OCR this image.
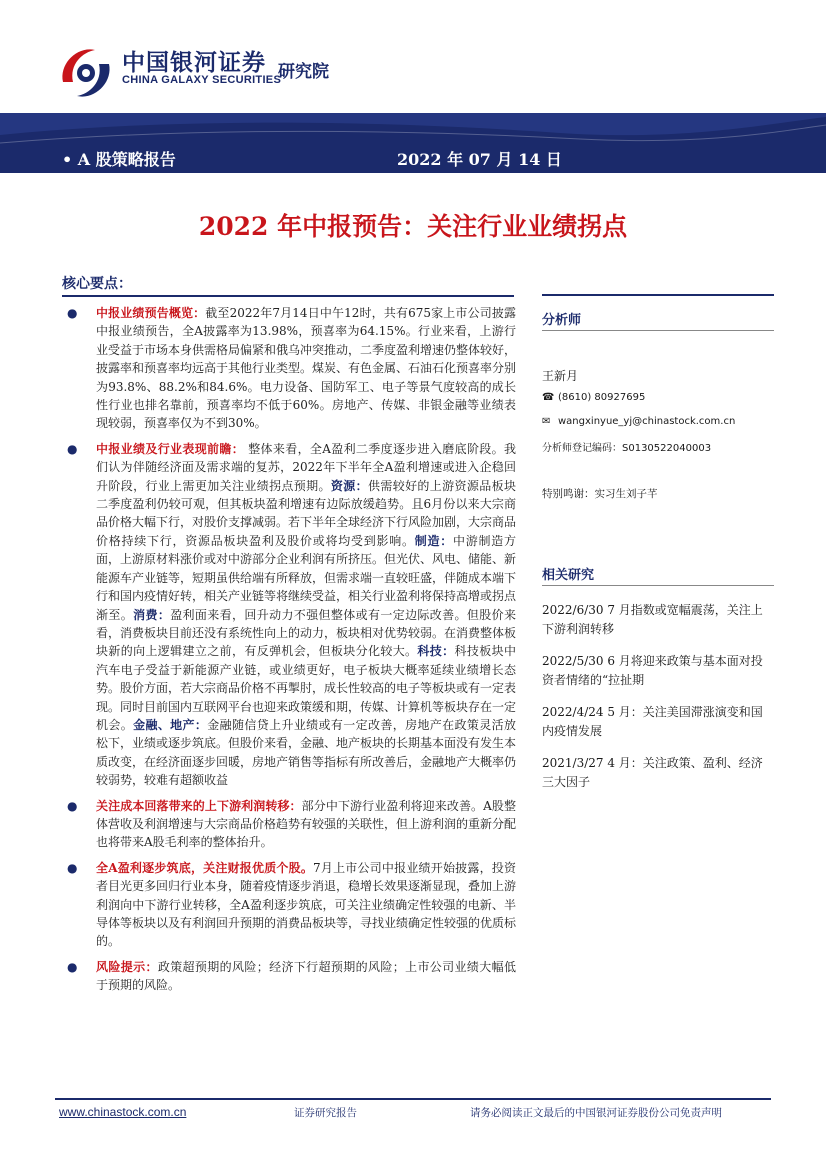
中国银河证券
CHINA GALAXY SECURITIES
研究院
• A 股策略报告	2022 年 07 月 14 日
2022 年中报预告：关注行业业绩拐点
核心要点：
● 中报业绩预告概览：截至2022年7月14日中午12时，共有675家上市公司披露中报业绩预告，全A披露率为13.98%，预喜率为64.15%。行业来看，上游行业受益于市场本身供需格局偏紧和俄乌冲突推动，二季度盈利增速仍整体较好，披露率和预喜率均远高于其他行业类型。煤炭、有色金属、石油石化预喜率分别为93.8%、88.2%和84.6%。电力设备、国防军工、电子等景气度较高的成长性行业也排名靠前，预喜率均不低于60%。房地产、传媒、非银金融等业绩表现较弱，预喜率仅为不到30%。
● 中报业绩及行业表现前瞻： 整体来看，全A盈利二季度逐步进入磨底阶段。我们认为伴随经济面及需求端的复苏，2022年下半年全A盈利增速或进入企稳回升阶段，行业上需更加关注业绩拐点预期。资源：供需较好的上游资源品板块二季度盈利仍较可观，但其板块盈利增速有边际放缓趋势。且6月份以来大宗商品价格大幅下行，对股价支撑减弱。若下半年全球经济下行风险加剧，大宗商品价格持续下行，资源品板块盈利及股价或将均受到影响。制造：中游制造方面，上游原材料涨价或对中游部分企业利润有所挤压。但光伏、风电、储能、新能源车产业链等，短期虽供给端有所释放，但需求端一直较旺盛，伴随成本端下行和国内疫情好转，相关产业链等将继续受益，相关行业盈利将保持高增或拐点渐至。消费：盈利面来看，回升动力不强但整体或有一定边际改善。但股价来看，消费板块目前还没有系统性向上的动力，板块相对优势较弱。在消费整体板块新的向上逻辑建立之前，有反弹机会，但板块分化较大。科技：科技板块中汽车电子受益于新能源产业链，或业绩更好，电子板块大概率延续业绩增长态势。股价方面，若大宗商品价格不再掣肘，成长性较高的电子等板块或有一定表现。同时目前国内互联网平台也迎来政策缓和期，传媒、计算机等板块存在一定机会。金融、地产：金融随信贷上升业绩或有一定改善，房地产在政策灵活放松下，业绩或逐步筑底。但股价来看，金融、地产板块的长期基本面没有发生本质改变，在经济面逐步回暖，房地产销售等指标有所改善后，金融地产大概率仍较弱势，较难有超额收益
● 关注成本回落带来的上下游利润转移：部分中下游行业盈利将迎来改善。A股整体营收及利润增速与大宗商品价格趋势有较强的关联性，但上游利润的重新分配也将带来A股毛利率的整体抬升。
● 全A盈利逐步筑底，关注财报优质个股。7月上市公司中报业绩开始披露，投资者目光更多回归行业本身，随着疫情逐步消退，稳增长效果逐渐显现，叠加上游利润向中下游行业转移，全A盈利逐步筑底，可关注业绩确定性较强的电新、半导体等板块以及有利润回升预期的消费品板块等，寻找业绩确定性较强的优质标的。
● 风险提示：政策超预期的风险；经济下行超预期的风险；上市公司业绩大幅低于预期的风险。
分析师
王新月
☎ (8610) 80927695
✉ wangxinyue_yj@chinastock.com.cn
分析师登记编码：S0130522040003
特别鸣谢：实习生刘子芊
相关研究
2022/6/30 7 月指数或宽幅震荡，关注上下游利润转移
2022/5/30 6 月将迎来政策与基本面对投资者情绪的“拉扯期
2022/4/24 5 月：关注美国滞涨演变和国内疫情发展
2021/3/27 4 月：关注政策、盈利、经济三大因子
www.chinastock.com.cn	证券研究报告	请务必阅读正文最后的中国银河证券股份公司免责声明
